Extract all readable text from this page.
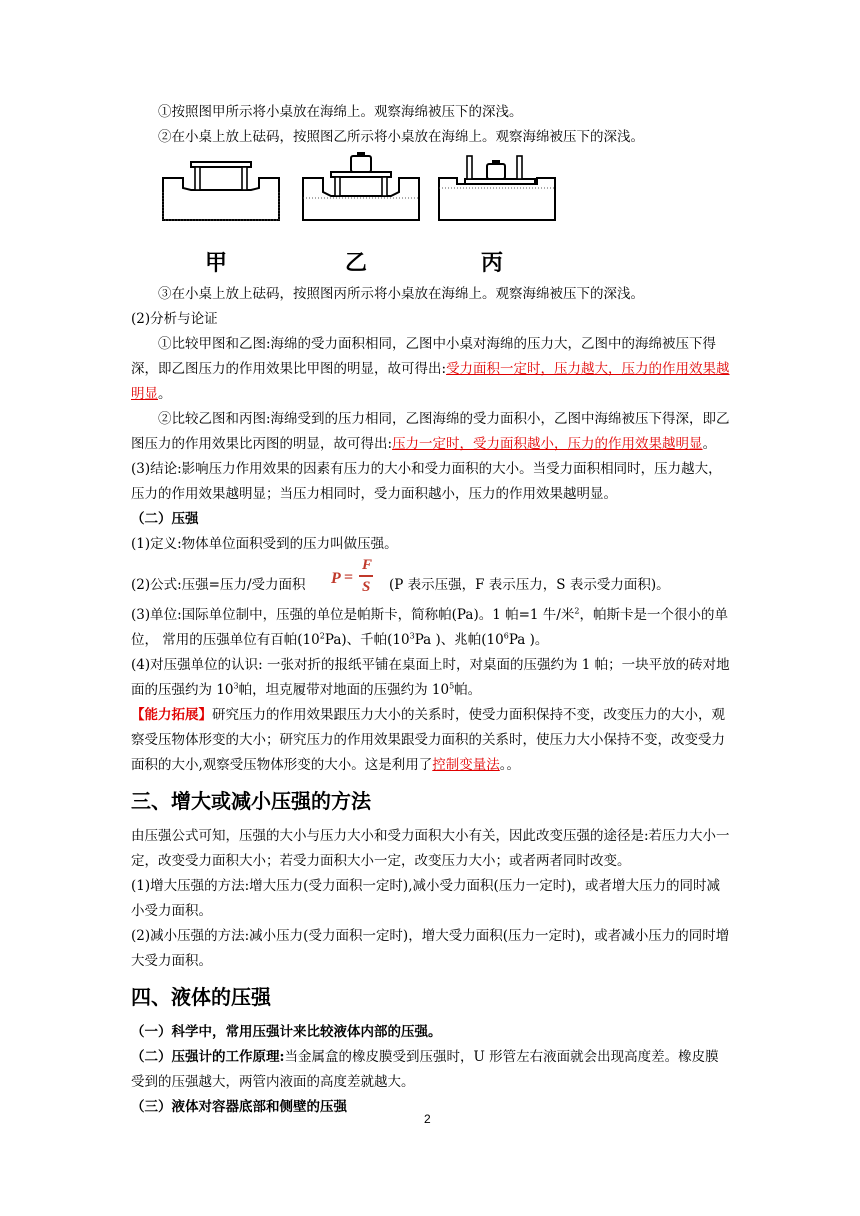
①按照图甲所示将小桌放在海绵上。观察海绵被压下的深浅。

②在小桌上放上砝码，按照图乙所示将小桌放在海绵上。观察海绵被压下的深浅。

甲	乙	丙

③在小桌上放上砝码，按照图丙所示将小桌放在海绵上。观察海绵被压下的深浅。

(2)分析与论证

①比较甲图和乙图:海绵的受力面积相同，乙图中小桌对海绵的压力大，乙图中的海绵被压下得深，即乙图压力的作用效果比甲图的明显，故可得出:受力面积一定时，压力越大，压力的作用效果越明显。

②比较乙图和丙图:海绵受到的压力相同，乙图海绵的受力面积小，乙图中海绵被压下得深，即乙图压力的作用效果比丙图的明显，故可得出:压力一定时，受力面积越小，压力的作用效果越明显。

(3)结论:影响压力作用效果的因素有压力的大小和受力面积的大小。当受力面积相同时，压力越大，压力的作用效果越明显；当压力相同时，受力面积越小，压力的作用效果越明显。

（二）压强

(1)定义:物体单位面积受到的压力叫做压强。

(2)公式:压强=压力/受力面积 P =
F
S (P 表示压强，F 表示压力，S 表示受力面积)。

(3)单位:国际单位制中，压强的单位是帕斯卡，简称帕(Pa)。1 帕=1 牛/米$^2$，帕斯卡是一个很小的单位， 常用的压强单位有百帕$(10^2Pa)$、千帕($10^3Pa$ )、兆帕($10^6Pa$ )。

(4)对压强单位的认识: 一张对折的报纸平铺在桌面上时，对桌面的压强约为 1 帕；一块平放的砖对地面的压强约为 $10^3$帕，坦克履带对地面的压强约为 $10^5$帕。

【能力拓展】研究压力的作用效果跟压力大小的关系时，使受力面积保持不变，改变压力的大小，观察受压物体形变的大小；研究压力的作用效果跟受力面积的关系时，使压力大小保持不变，改变受力面积的大小,观察受压物体形变的大小。这是利用了控制变量法。。

三、增大或减小压强的方法

由压强公式可知，压强的大小与压力大小和受力面积大小有关，因此改变压强的途径是:若压力大小一定，改变受力面积大小；若受力面积大小一定，改变压力大小；或者两者同时改变。

(1)增大压强的方法:增大压力(受力面积一定时),减小受力面积(压力一定时)，或者增大压力的同时减小受力面积。

(2)减小压强的方法:减小压力(受力面积一定时)，增大受力面积(压力一定时)，或者减小压力的同时增大受力面积。

四、液体的压强

（一）科学中，常用压强计来比较液体内部的压强。

（二）压强计的工作原理:当金属盒的橡皮膜受到压强时，U 形管左右液面就会出现高度差。橡皮膜受到的压强越大，两管内液面的高度差就越大。

（三）液体对容器底部和侧壁的压强

2
